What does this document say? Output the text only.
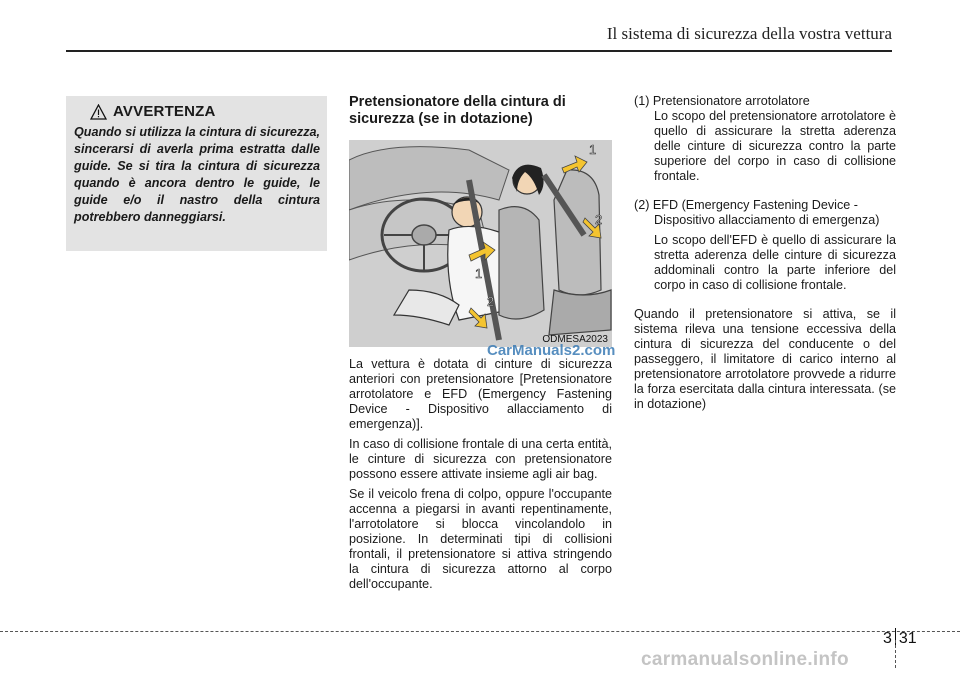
Il sistema di sicurezza della vostra vettura
AVVERTENZA
Quando si utilizza la cintura di sicurezza, sincerarsi di averla prima estratta dalle guide. Se si tira la cintura di sicurezza quando è ancora dentro le guide, le guide e/o il nastro della cintura potrebbero danneggiarsi.
Pretensionatore della cintura di sicurezza (se in dotazione)
1
2
1
2
ODMESA2023
La vettura è dotata di cinture di sicurezza anteriori con pretensionatore [Pretensionatore arrotolatore e EFD (Emergency Fastening Device - Dispositivo allacciamento di emergenza)].
In caso di collisione frontale di una certa entità, le cinture di sicurezza con pretensionatore possono essere attivate insieme agli air bag.
Se il veicolo frena di colpo, oppure l'occupante accenna a piegarsi in avanti repentinamente, l'arrotolatore si blocca vincolandolo in posizione. In determinati tipi di collisioni frontali, il pretensionatore si attiva stringendo la cintura di sicurezza attorno al corpo dell'occupante.
CarManuals2.com
(1) Pretensionatore arrotolatore
Lo scopo del pretensionatore arrotolatore è quello di assicurare la stretta aderenza delle cinture di sicurezza contro la parte superiore del corpo in caso di collisione frontale.
(2) EFD (Emergency Fastening Device -
Dispositivo allacciamento di emergenza)
Lo scopo dell'EFD è quello di assicurare la stretta aderenza delle cinture di sicurezza addominali contro la parte inferiore del corpo in caso di collisione frontale.
Quando il pretensionatore si attiva, se il sistema rileva una tensione eccessiva della cintura di sicurezza del conducente o del passeggero, il limitatore di carico interno al pretensionatore arrotolatore provvede a ridurre la forza esercitata dalla cintura interessata. (se in dotazione)
3 31
carmanualsonline.info
